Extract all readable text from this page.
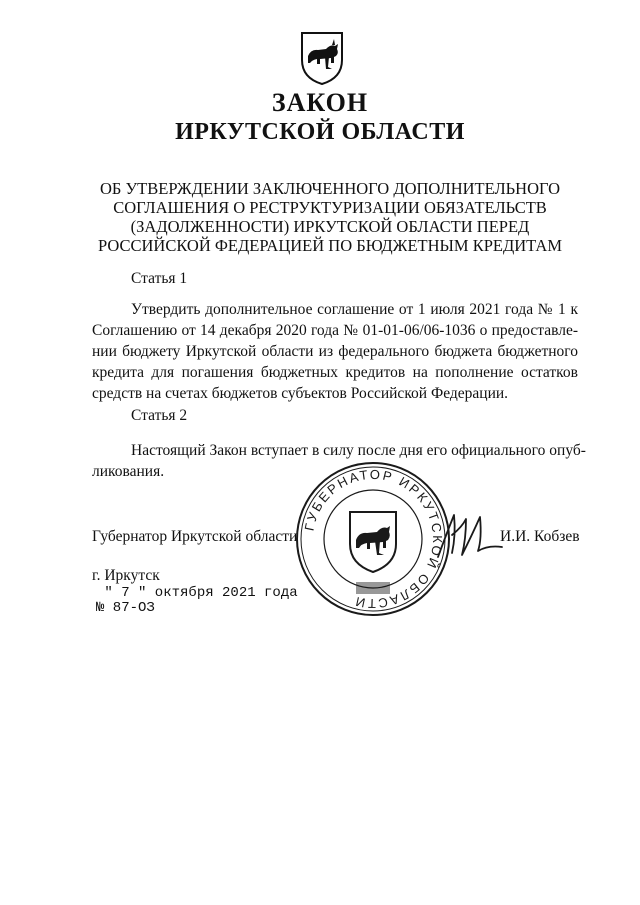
ЗАКОН

ИРКУТСКОЙ ОБЛАСТИ

ОБ УТВЕРЖДЕНИИ ЗАКЛЮЧЕННОГО ДОПОЛНИТЕЛЬНОГО
СОГЛАШЕНИЯ О РЕСТРУКТУРИЗАЦИИ ОБЯЗАТЕЛЬСТВ
(ЗАДОЛЖЕННОСТИ) ИРКУТСКОЙ ОБЛАСТИ ПЕРЕД
РОССИЙСКОЙ ФЕДЕРАЦИЕЙ ПО БЮДЖЕТНЫМ КРЕДИТАМ

Статья 1

Утвердить дополнительное соглашение от 1 июля 2021 года № 1 к
Соглашению от 14 декабря 2020 года № 01-01-06/06-1036 о предоставле-
нии бюджету Иркутской области из федерального бюджета бюджетного
кредита для погашения бюджетных кредитов на пополнение остатков
средств на счетах бюджетов субъектов Российской Федерации.

Статья 2

Настоящий Закон вступает в силу после дня его официального опуб-
ликования.
ГУБЕРНАТОР ИРКУТСКОЙ ОБЛАСТИ

Губернатор Иркутской области	И.И. Кобзев

г. Иркутск

" 7 " октября 2021 года

№ 87-ОЗ
